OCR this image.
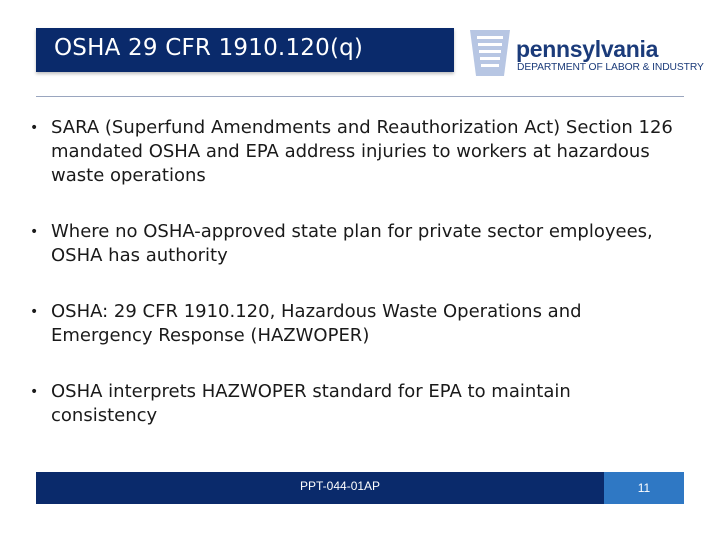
OSHA 29 CFR 1910.120(q)	pennsylvania
DEPARTMENT OF LABOR & INDUSTRY
• SARA (Superfund Amendments and Reauthorization Act) Section 126 mandated OSHA and EPA address injuries to workers at hazardous waste operations
• Where no OSHA-approved state plan for private sector employees, OSHA has authority
• OSHA: 29 CFR 1910.120, Hazardous Waste Operations and Emergency Response (HAZWOPER)
• OSHA interprets HAZWOPER standard for EPA to maintain consistency
PPT-044-01AP	11
